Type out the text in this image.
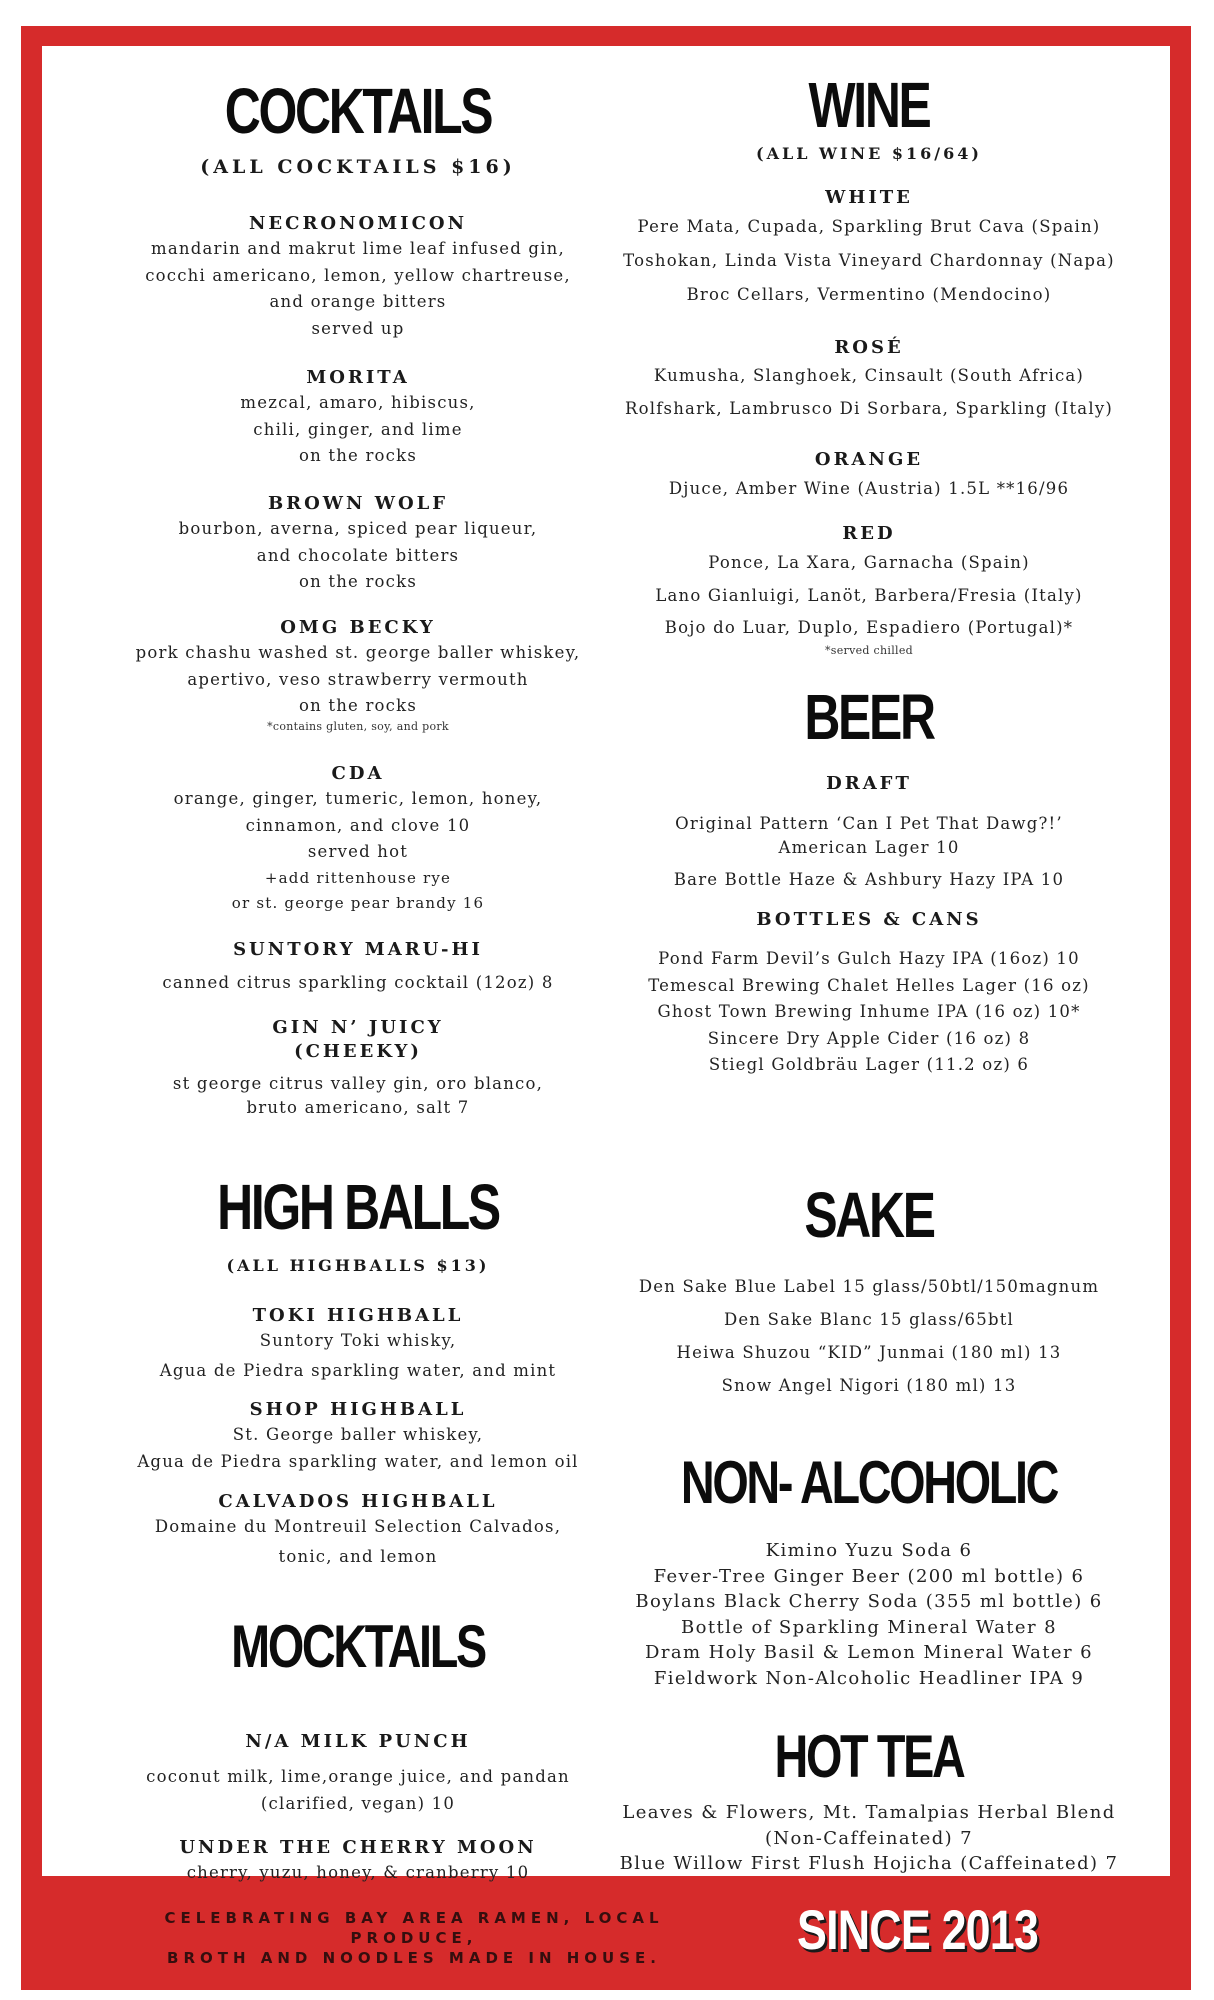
COCKTAILS
(ALL COCKTAILS $16)
NECRONOMICON
mandarin and makrut lime leaf infused gin,
cocchi americano, lemon, yellow chartreuse,
and orange bitters
served up
MORITA
mezcal, amaro, hibiscus,
chili, ginger, and lime
on the rocks
BROWN WOLF
bourbon, averna, spiced pear liqueur,
and chocolate bitters
on the rocks
OMG BECKY
pork chashu washed st. george baller whiskey,
apertivo, veso strawberry vermouth
on the rocks
*contains gluten, soy, and pork
CDA
orange, ginger, tumeric, lemon, honey,
cinnamon, and clove 10
served hot
+add rittenhouse rye
or st. george pear brandy 16
SUNTORY MARU-HI
canned citrus sparkling cocktail (12oz) 8
GIN N’ JUICY
(CHEEKY)
st george citrus valley gin, oro blanco,
bruto americano, salt 7
HIGH BALLS
(ALL HIGHBALLS $13)
TOKI HIGHBALL
Suntory Toki whisky,
Agua de Piedra sparkling water, and mint
SHOP HIGHBALL
St. George baller whiskey,
Agua de Piedra sparkling water, and lemon oil
CALVADOS HIGHBALL
Domaine du Montreuil Selection Calvados,
tonic, and lemon
MOCKTAILS
N/A MILK PUNCH
coconut milk, lime,orange juice, and pandan
(clarified, vegan) 10
UNDER THE CHERRY MOON
cherry, yuzu, honey, & cranberry 10
WINE
(ALL WINE $16/64)
WHITE
Pere Mata, Cupada, Sparkling Brut Cava (Spain)
Toshokan, Linda Vista Vineyard Chardonnay (Napa)
Broc Cellars, Vermentino (Mendocino)
ROSÉ
Kumusha, Slanghoek, Cinsault (South Africa)
Rolfshark, Lambrusco Di Sorbara, Sparkling (Italy)
ORANGE
Djuce, Amber Wine (Austria) 1.5L **16/96
RED
Ponce, La Xara, Garnacha (Spain)
Lano Gianluigi, Lanöt, Barbera/Fresia (Italy)
Bojo do Luar, Duplo, Espadiero (Portugal)*
*served chilled
BEER
DRAFT
Original Pattern ‘Can I Pet That Dawg?!’
American Lager 10
Bare Bottle Haze & Ashbury Hazy IPA 10
BOTTLES & CANS
Pond Farm Devil’s Gulch Hazy IPA (16oz) 10
Temescal Brewing Chalet Helles Lager (16 oz)
Ghost Town Brewing Inhume IPA (16 oz) 10*
Sincere Dry Apple Cider (16 oz) 8
Stiegl Goldbräu Lager (11.2 oz) 6
SAKE
Den Sake Blue Label 15 glass/50btl/150magnum
Den Sake Blanc 15 glass/65btl
Heiwa Shuzou “KID” Junmai (180 ml) 13
Snow Angel Nigori (180 ml) 13
NON- ALCOHOLIC
Kimino Yuzu Soda 6
Fever-Tree Ginger Beer (200 ml bottle) 6
Boylans Black Cherry Soda (355 ml bottle) 6
Bottle of Sparkling Mineral Water 8
Dram Holy Basil & Lemon Mineral Water 6
Fieldwork Non-Alcoholic Headliner IPA 9
HOT TEA
Leaves & Flowers, Mt. Tamalpias Herbal Blend
(Non-Caffeinated) 7
Blue Willow First Flush Hojicha (Caffeinated) 7
CELEBRATING BAY AREA RAMEN, LOCAL PRODUCE,
BROTH AND NOODLES MADE IN HOUSE.	SINCE 2013
